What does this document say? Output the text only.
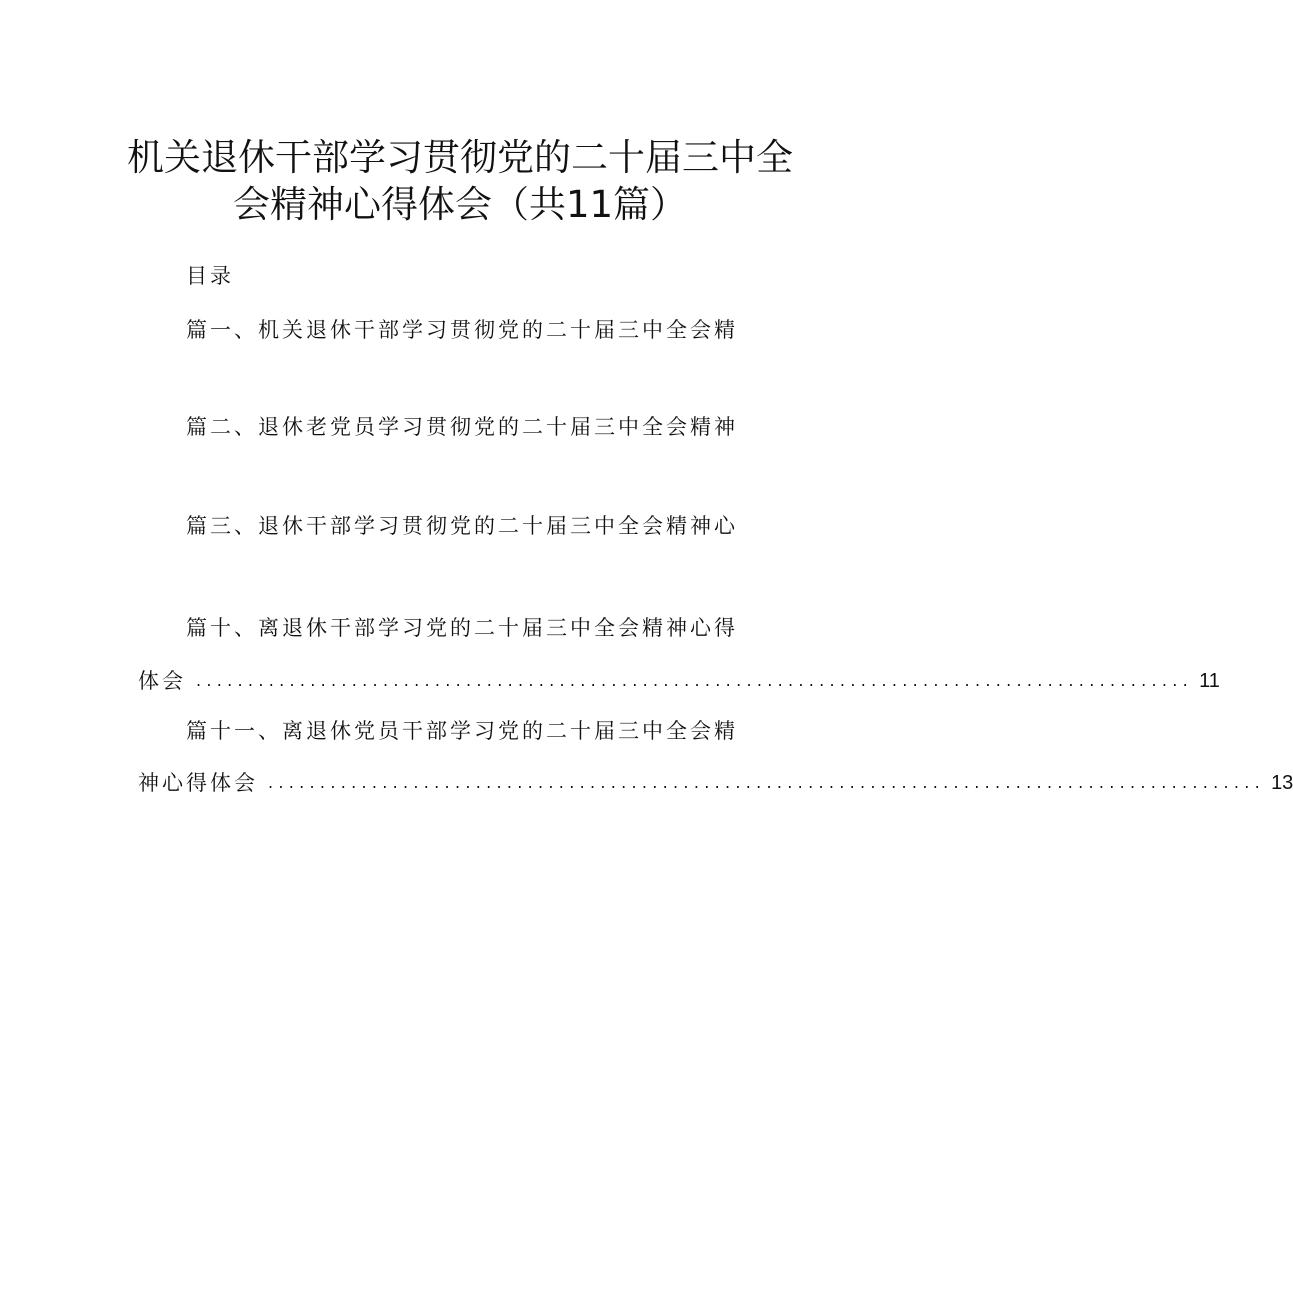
机关退休干部学习贯彻党的二十届三中全
会精神心得体会（共11篇）
目录
篇一、机关退休干部学习贯彻党的二十届三中全会精
篇二、退休老党员学习贯彻党的二十届三中全会精神
篇三、退休干部学习贯彻党的二十届三中全会精神心
篇十、离退休干部学习党的二十届三中全会精神心得
体会 ................................................................................................ 11
篇十一、离退休党员干部学习党的二十届三中全会精
神心得体会 ................................................................................................ 13
